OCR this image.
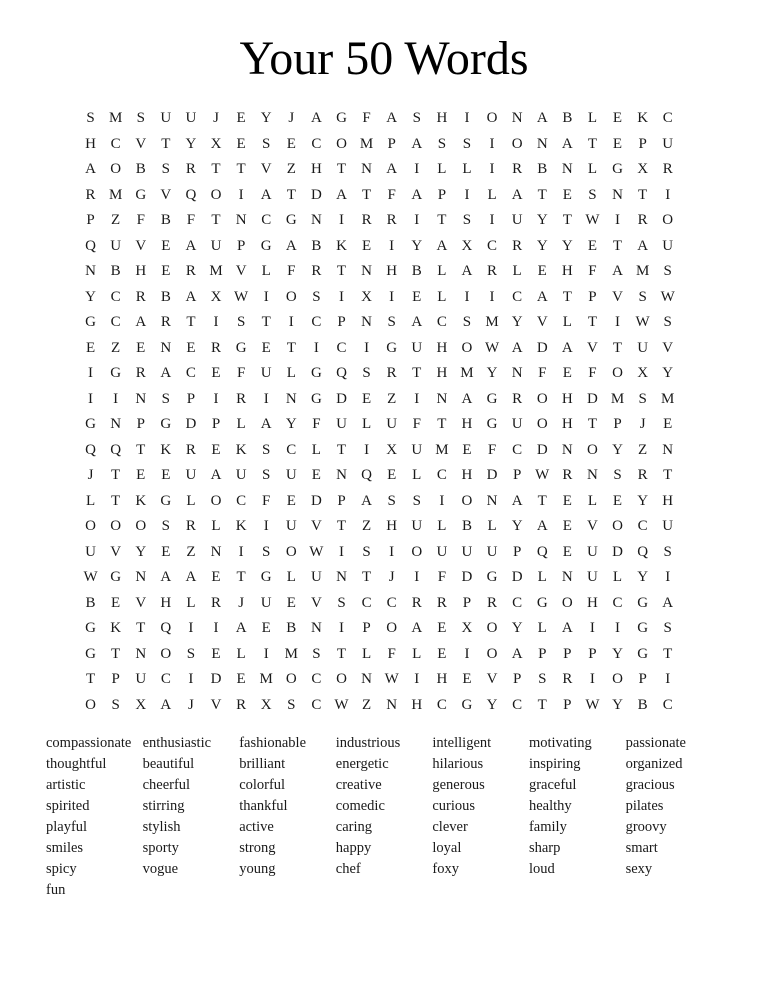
Your 50 Words
S M S	U U	J	E	Y	J	A G	F	A	S	H	I	O N A B	L	E	K C
H C V	T	Y X	E	S	E	C O M P	A	S	S	I	O N A	T	E	P	U
A O B	S	R	T	T	V	Z	H	T	N A	I	L	L	I	R	B N	L	G X R
R M G V Q O	I	A	T	D A	T	F	A	P	I	L	A	T	E	S	N	T	I
P	Z	F	B	F	T	N C G N	I	R	R	I	T	S	I	U Y	T W	I	R O
Q U V	E	A U	P	G A B K	E	I	Y A X C	R Y Y	E	T	A U
N B H	E	R M V	L	F	R	T	N H B	L	A R	L	E	H	F	A M S
Y C	R	B A X W	I	O	S	I	X	I	E	L	I	I	C A	T	P	V	S W
G C A R	T	I	S	T	I	C	P	N	S	A C	S M Y V	L	T	I	W S
E	Z	E	N	E	R G	E	T	I	C	I	G U H O W A D A V	T	U V
I	G R A C	E	F	U	L	G Q	S	R	T	H M Y N	F	E	F	O X Y
I	I	N	S	P	I	R	I	N G D	E	Z	I	N A G R O H D M S M
G N	P	G D	P	L	A Y	F	U	L	U	F	T	H G U O H	T	P	J	E
Q Q	T	K R	E	K	S	C	L	T	I	X U M E	F	C D N O Y	Z	N
J	T	E	E	U A U	S	U	E	N Q	E	L	C H D	P W R N	S	R	T
L	T	K G	L	O C	F	E	D	P	A	S	S	I	O N A	T	E	L	E	Y H
O O O	S	R	L	K	I	U V	T	Z	H U	L	B	L	Y A	E	V O C U
U V Y	E	Z	N	I	S	O W	I	S	I	O U U U	P	Q	E	U D Q	S
W G N A A	E	T	G	L	U N	T	J	I	F	D G D	L	N U	L	Y	I
B	E	V H	L	R	J	U	E	V	S	C	C	R	R	P	R	C G O H C G A
G K	T	Q	I	I	A	E	B N	I	P	O A	E	X O Y	L	A	I	I	G	S
G	T	N O	S	E	L	I	M S	T	L	F	L	E	I	O A	P	P	P	Y G	T
T	P	U C	I	D	E M O C O N W	I	H	E	V	P	S	R	I	O	P	I
O	S	X A	J	V R X	S	C W Z	N H C G Y C	T	P W Y B	C
compassionate
thoughtful
artistic
spirited
playful
smiles
spicy
fun
enthusiastic
beautiful
cheerful
stirring
stylish
sporty
vogue
fashionable
brilliant
colorful
thankful
active
strong
young
industrious
energetic
creative
comedic
caring
happy
chef
intelligent
hilarious
generous
curious
clever
loyal
foxy
motivating
inspiring
graceful
healthy
family
sharp
loud
passionate
organized
gracious
pilates
groovy
smart
sexy
